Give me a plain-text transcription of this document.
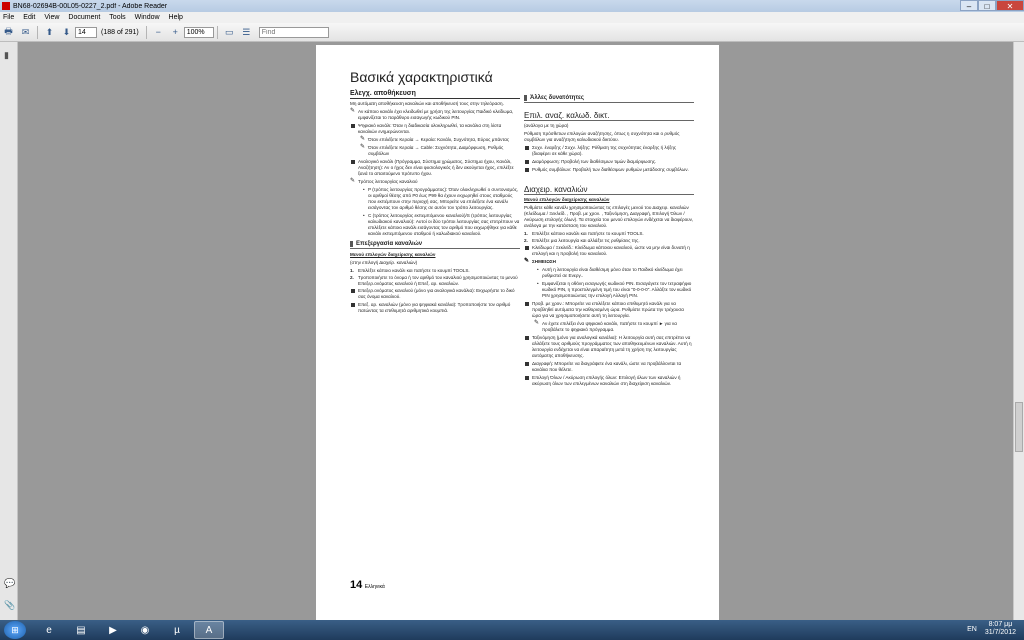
BN68-02694B-00L05-0227_2.pdf - Adobe Reader	–	□	✕
File Edit View Document Tools Window Help
🖶 ✉	⬆	⬇
14	(188 of 291)	−	+
100%	▭ ☰
Find
▮
💬
📎
Βασικά χαρακτηριστικά
Ελεγχ. αποθήκευση
Μη αυτόματη αποθήκευση καναλιών και αποθήκευσή τους στην τηλεόραση.
✎ Αν κάποιο κανάλι έχει κλειδωθεί με χρήση της λειτουργίας Παιδικό κλείδωμα, εμφανίζεται το παράθυρο εισαγωγής κωδικού PIN.
Ψηφιακό κανάλι: Όταν η διαδικασία ολοκληρωθεί, τα κανάλια στη λίστα καναλιών ενημερώνονται.
✎ Όταν επιλέξετε Κεραία → Κεραία: Κανάλι, Συχνότητα, Εύρος μπάντας
✎ Όταν επιλέξετε Κεραία → Cable: Συχνότητα, Διαμόρφωση, Ρυθμός συμβόλων
Αναλογικό κανάλι (Πρόγραμμα, Σύστημα χρώματος, Σύστημα ήχου, Κανάλι, Αναζήτηση): Αν ο ήχος δεν είναι φυσιολογικός ή δεν ακούγεται ήχος, επιλέξτε ξανά το απαιτούμενο πρότυπο ήχου.
✎ Τρόπος λειτουργίας καναλιού
• P (τρόπος λειτουργίας προγράμματος): Όταν ολοκληρωθεί ο συντονισμός, οι αριθμοί θέσης από P0 έως P99 θα έχουν εκχωρηθεί στους σταθμούς που εκπέμπουν στην περιοχή σας. Μπορείτε να επιλέξετε ένα κανάλι εισάγοντας τον αριθμό θέσης σε αυτόν τον τρόπο λειτουργίας.
• C (τρόπος λειτουργίας εκπεμπόμενου καναλιού)/S (τρόπος λειτουργίας καλωδιακού καναλιού): Αυτοί οι δύο τρόποι λειτουργίας σας επιτρέπουν να επιλέξετε κάποιο κανάλι εισάγοντας τον αριθμό που εκχωρήθηκε για κάθε κανάλι εκπεμπόμενου σταθμού ή καλωδιακού καναλιού.
Επεξεργασία καναλιών
Μενού επιλογών διαχείρισης καναλιών
(στην επιλογή Διαχείρ. καναλιών)
1. Επιλέξτε κάποιο κανάλι και πατήστε το κουμπί TOOLS.
2. Τροποποιήστε το όνομα ή τον αριθμό του καναλιού χρησιμοποιώντας το μενού Επεξερ.ονόματος καναλιού ή Επεξ. αρ. καναλιών.
Επεξερ.ονόματος καναλιού (μόνο για αναλογικά κανάλια): Εκχωρήστε το δικό σας όνομα καναλιού.
Επεξ. αρ. καναλιών (μόνο για ψηφιακά κανάλια): Τροποποιήστε τον αριθμό πατώντας τα επιθυμητά αριθμητικά κουμπιά.
Άλλες δυνατότητες
Επιλ. αναζ. καλωδ. δικτ.
(ανάλογα με τη χώρα)
Ρύθμιση πρόσθετων επιλογών αναζήτησης, όπως η συχνότητα και ο ρυθμός συμβόλων για αναζήτηση καλωδιακού δικτύου.
Συχν. έναρξης / Συχν. λήξης: Ρύθμιση της συχνότητας έναρξης ή λήξης (διαφέρει σε κάθε χώρα).
Διαμόρφωση: Προβολή των διαθέσιμων τιμών διαμόρφωσης.
Ρυθμός συμβόλων: Προβολή των διαθέσιμων ρυθμών μετάδοσης συμβόλων.
Διαχειρ. καναλιών
Μενού επιλογών διαχείρισης καναλιών
Ρυθμίστε κάθε κανάλι χρησιμοποιώντας τις επιλογές μενού του Διαχειρ. καναλιών (Κλείδωμα / Ξεκλείδ. , Προβ. με χρον. , Ταξινόμηση, Διαγραφή, Επιλογή Όλων / Ακύρωση επιλογής όλων). Τα στοιχεία του μενού επιλογών ενδέχεται να διαφέρουν, ανάλογα με την κατάσταση του καναλιού.
1. Επιλέξτε κάποιο κανάλι και πατήστε το κουμπί TOOLS.
2. Επιλέξτε μια λειτουργία και αλλάξτε τις ρυθμίσεις της.
Κλείδωμα / Ξεκλείδ.: Κλείδωμα κάποιου καναλιού, ώστε να μην είναι δυνατή η επιλογή και η προβολή του καναλιού.
✎ ΣΗΜΕΙΩΣΗ
• Αυτή η λειτουργία είναι διαθέσιμη μόνο όταν το Παιδικό κλείδωμα έχει ρυθμιστεί σε Ενεργ..
• Εμφανίζεται η οθόνη εισαγωγής κωδικού PIN. Εισαγάγετε τον τετραψήφιο κωδικό PIN, η προεπιλεγμένη τιμή του είναι "0-0-0-0". Αλλάξτε τον κωδικό PIN χρησιμοποιώντας την επιλογή Αλλαγή PIN.
Προβ. με χρον.: Μπορείτε να επιλέξετε κάποιο επιθυμητό κανάλι για να προβληθεί αυτόματα την καθορισμένη ώρα. Ρυθμίστε πρώτα την τρέχουσα ώρα για να χρησιμοποιήσετε αυτή τη λειτουργία.
✎ Αν έχετε επιλέξει ένα ψηφιακό κανάλι, πατήστε το κουμπί ► για να προβάλετε το ψηφιακό πρόγραμμα.
Ταξινόμηση (μόνο για αναλογικά κανάλια): Η λειτουργία αυτή σας επιτρέπει να αλλάξετε τους αριθμούς προγράμματος των αποθηκευμένων καναλιών. Αυτή η λειτουργία ενδέχεται να είναι απαραίτητη μετά τη χρήση της λειτουργίας αυτόματης αποθήκευσης.
Διαγραφή: Μπορείτε να διαγράψετε ένα κανάλι, ώστε να προβάλλονται τα κανάλια που θέλετε.
Επιλογή Όλων / Ακύρωση επιλογής όλων: Επιλογή όλων των καναλιών ή ακύρωση όλων των επιλεγμένων καναλιών στη διαχείριση καναλιών.
14 Ελληνικά
⊞	e	▤	▶	◉	µ	A	EN
8:07 μμ
31/7/2012
